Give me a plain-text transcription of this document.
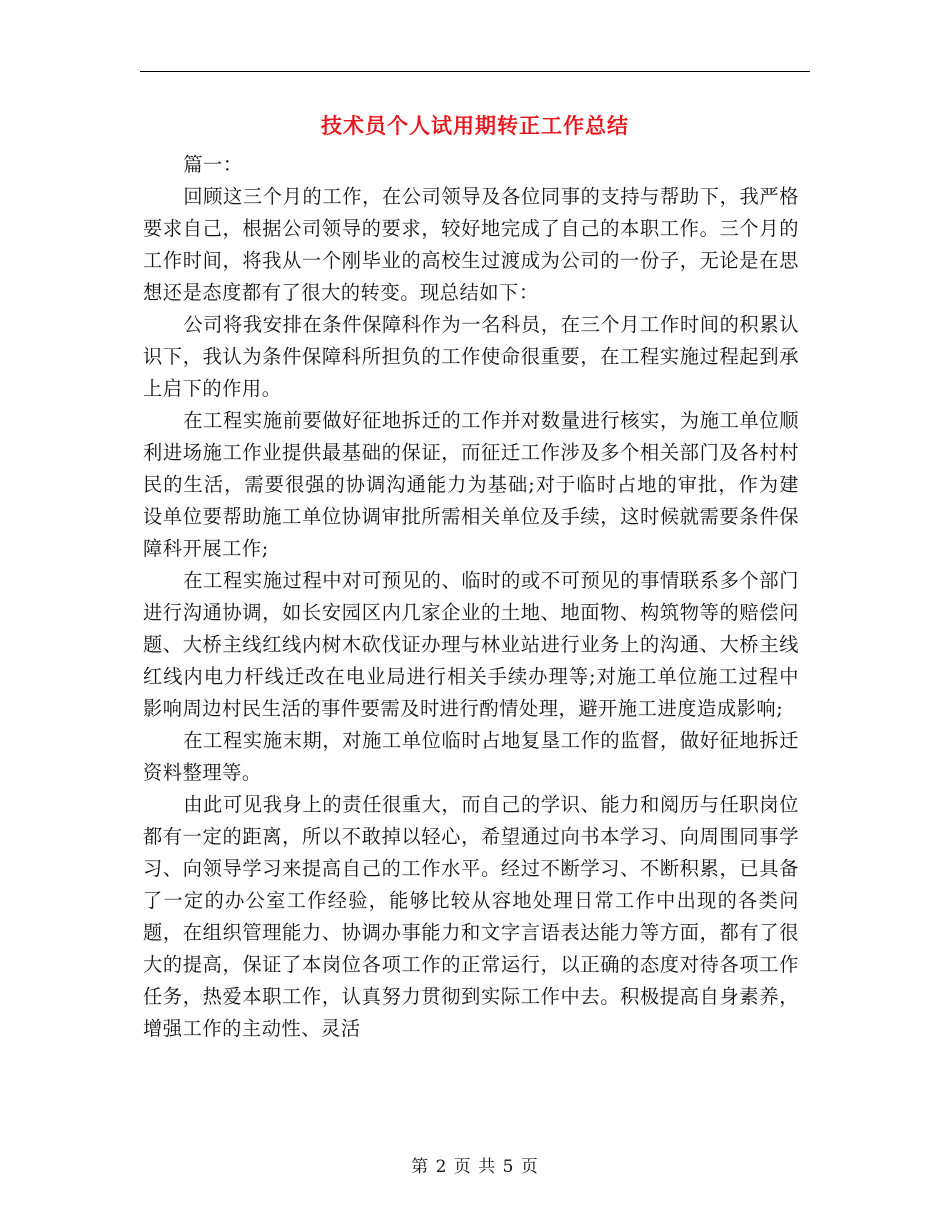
技术员个人试用期转正工作总结

篇一：

回顾这三个月的工作，在公司领导及各位同事的支持与帮助下，我严格要求自己，根据公司领导的要求，较好地完成了自己的本职工作。三个月的工作时间，将我从一个刚毕业的高校生过渡成为公司的一份子，无论是在思想还是态度都有了很大的转变。现总结如下：

公司将我安排在条件保障科作为一名科员，在三个月工作时间的积累认识下，我认为条件保障科所担负的工作使命很重要，在工程实施过程起到承上启下的作用。

在工程实施前要做好征地拆迁的工作并对数量进行核实，为施工单位顺利进场施工作业提供最基础的保证，而征迁工作涉及多个相关部门及各村村民的生活，需要很强的协调沟通能力为基础;对于临时占地的审批，作为建设单位要帮助施工单位协调审批所需相关单位及手续，这时候就需要条件保障科开展工作;

在工程实施过程中对可预见的、临时的或不可预见的事情联系多个部门进行沟通协调，如长安园区内几家企业的土地、地面物、构筑物等的赔偿问题、大桥主线红线内树木砍伐证办理与林业站进行业务上的沟通、大桥主线红线内电力杆线迁改在电业局进行相关手续办理等;对施工单位施工过程中影响周边村民生活的事件要需及时进行酌情处理，避开施工进度造成影响;

在工程实施末期，对施工单位临时占地复垦工作的监督，做好征地拆迁资料整理等。

由此可见我身上的责任很重大，而自己的学识、能力和阅历与任职岗位都有一定的距离，所以不敢掉以轻心，希望通过向书本学习、向周围同事学习、向领导学习来提高自己的工作水平。经过不断学习、不断积累，已具备了一定的办公室工作经验，能够比较从容地处理日常工作中出现的各类问题，在组织管理能力、协调办事能力和文字言语表达能力等方面，都有了很大的提高，保证了本岗位各项工作的正常运行，以正确的态度对待各项工作任务，热爱本职工作，认真努力贯彻到实际工作中去。积极提高自身素养，增强工作的主动性、灵活

第 2 页 共 5 页
